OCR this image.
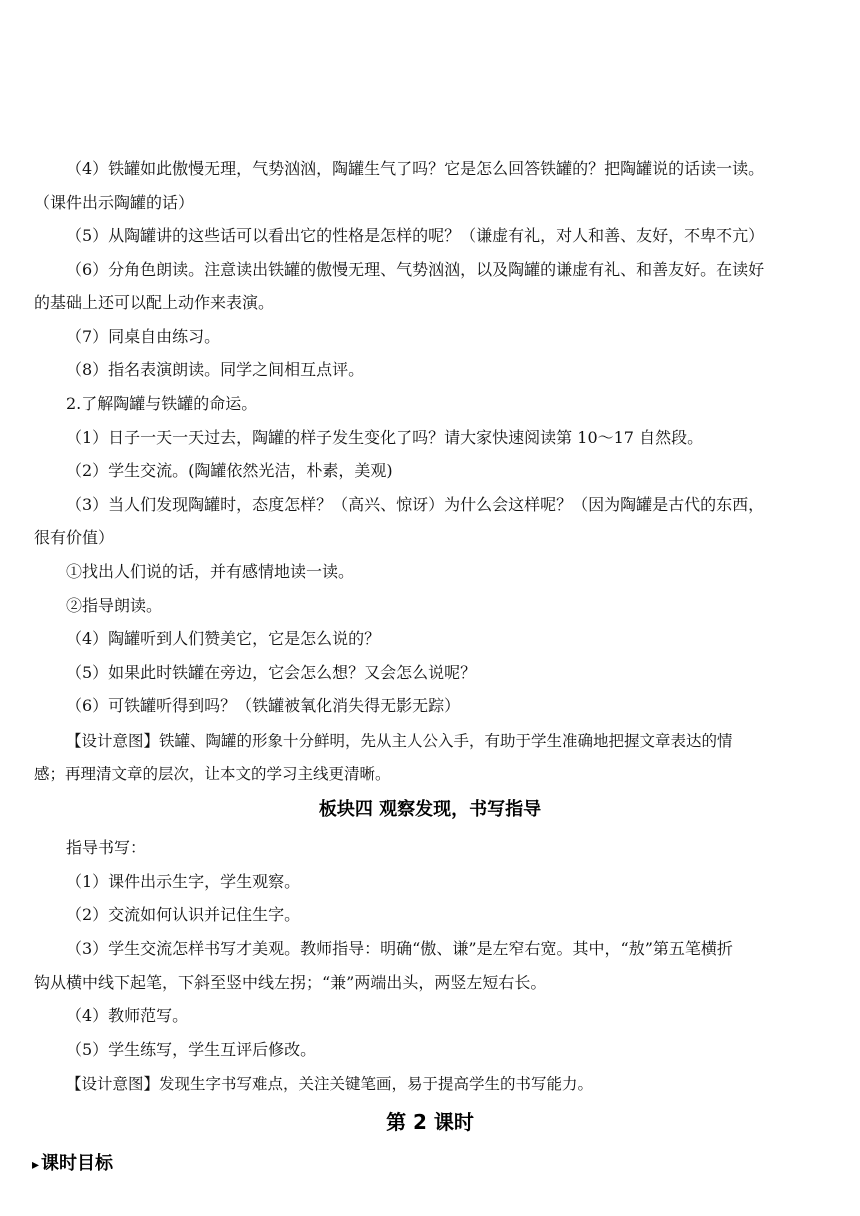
（4）铁罐如此傲慢无理，气势汹汹，陶罐生气了吗？它是怎么回答铁罐的？把陶罐说的话读一读。
（课件出示陶罐的话）
（5）从陶罐讲的这些话可以看出它的性格是怎样的呢？（谦虚有礼，对人和善、友好，不卑不亢）
（6）分角色朗读。注意读出铁罐的傲慢无理、气势汹汹，以及陶罐的谦虚有礼、和善友好。在读好
的基础上还可以配上动作来表演。
（7）同桌自由练习。
（8）指名表演朗读。同学之间相互点评。
2.了解陶罐与铁罐的命运。
（1）日子一天一天过去，陶罐的样子发生变化了吗？请大家快速阅读第 10～17 自然段。
（2）学生交流。(陶罐依然光洁，朴素，美观)
（3）当人们发现陶罐时，态度怎样？（高兴、惊讶）为什么会这样呢？（因为陶罐是古代的东西，
很有价值）
①找出人们说的话，并有感情地读一读。
②指导朗读。
（4）陶罐听到人们赞美它，它是怎么说的？
（5）如果此时铁罐在旁边，它会怎么想？又会怎么说呢？
（6）可铁罐听得到吗？（铁罐被氧化消失得无影无踪）
【设计意图】铁罐、陶罐的形象十分鲜明，先从主人公入手，有助于学生准确地把握文章表达的情
感；再理清文章的层次，让本文的学习主线更清晰。
板块四 观察发现，书写指导
指导书写：
（1）课件出示生字，学生观察。
（2）交流如何认识并记住生字。
（3）学生交流怎样书写才美观。教师指导：明确“傲、谦”是左窄右宽。其中，“敖”第五笔横折
钩从横中线下起笔，下斜至竖中线左拐；“兼”两端出头，两竖左短右长。
（4）教师范写。
（5）学生练写，学生互评后修改。
【设计意图】发现生字书写难点，关注关键笔画，易于提高学生的书写能力。
第 2 课时
▸ 课时目标
